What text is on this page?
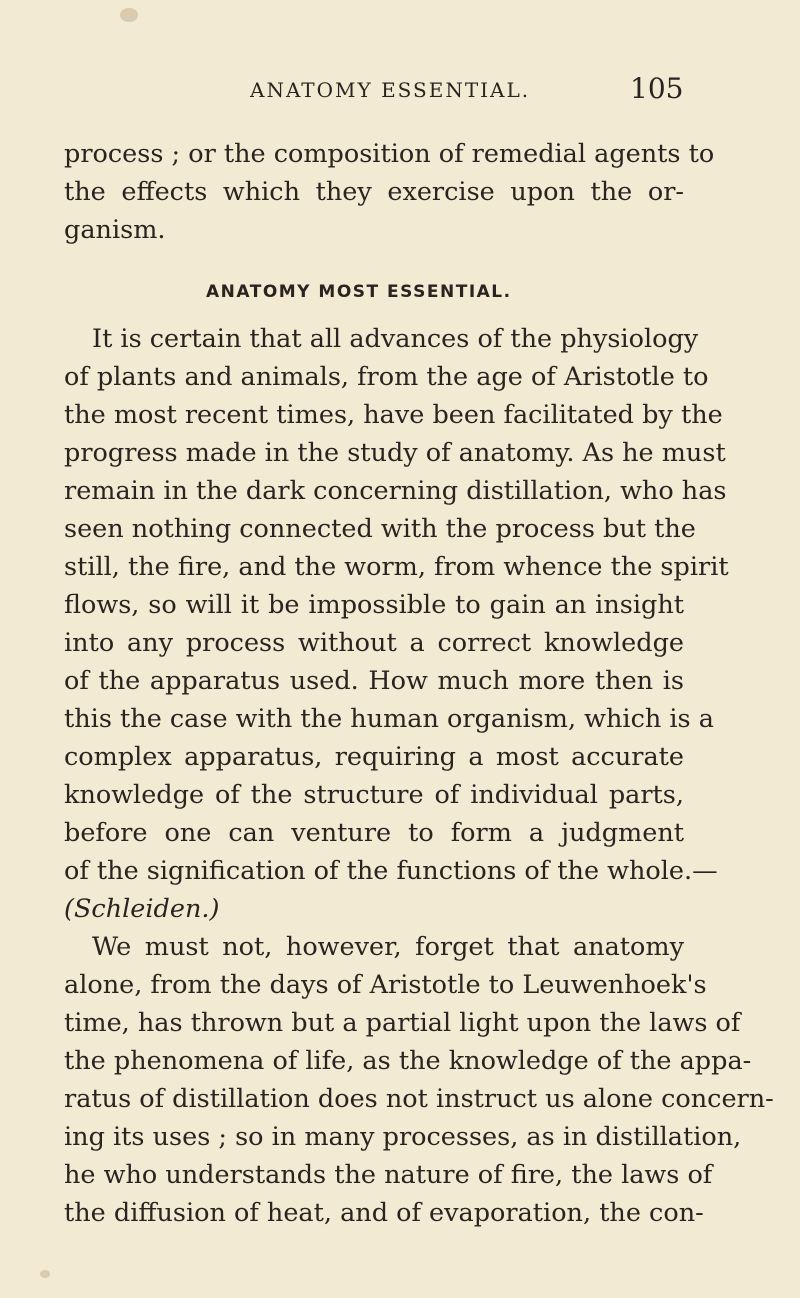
ANATOMY ESSENTIAL.	105
process ; or the composition of remedial agents to
the effects which they exercise upon the or-
ganism.
ANATOMY MOST ESSENTIAL.
It is certain that all advances of the physiology
of plants and animals, from the age of Aristotle to
the most recent times, have been facilitated by the
progress made in the study of anatomy. As he must
remain in the dark concerning distillation, who has
seen nothing connected with the process but the
still, the fire, and the worm, from whence the spirit
flows, so will it be impossible to gain an insight
into any process without a correct knowledge
of the apparatus used. How much more then is
this the case with the human organism, which is a
complex apparatus, requiring a most accurate
knowledge of the structure of individual parts,
before one can venture to form a judgment
of the signification of the functions of the whole.—
(Schleiden.)
We must not, however, forget that anatomy
alone, from the days of Aristotle to Leuwenhoek's
time, has thrown but a partial light upon the laws of
the phenomena of life, as the knowledge of the appa-
ratus of distillation does not instruct us alone concern-
ing its uses ; so in many processes, as in distillation,
he who understands the nature of fire, the laws of
the diffusion of heat, and of evaporation, the con-
